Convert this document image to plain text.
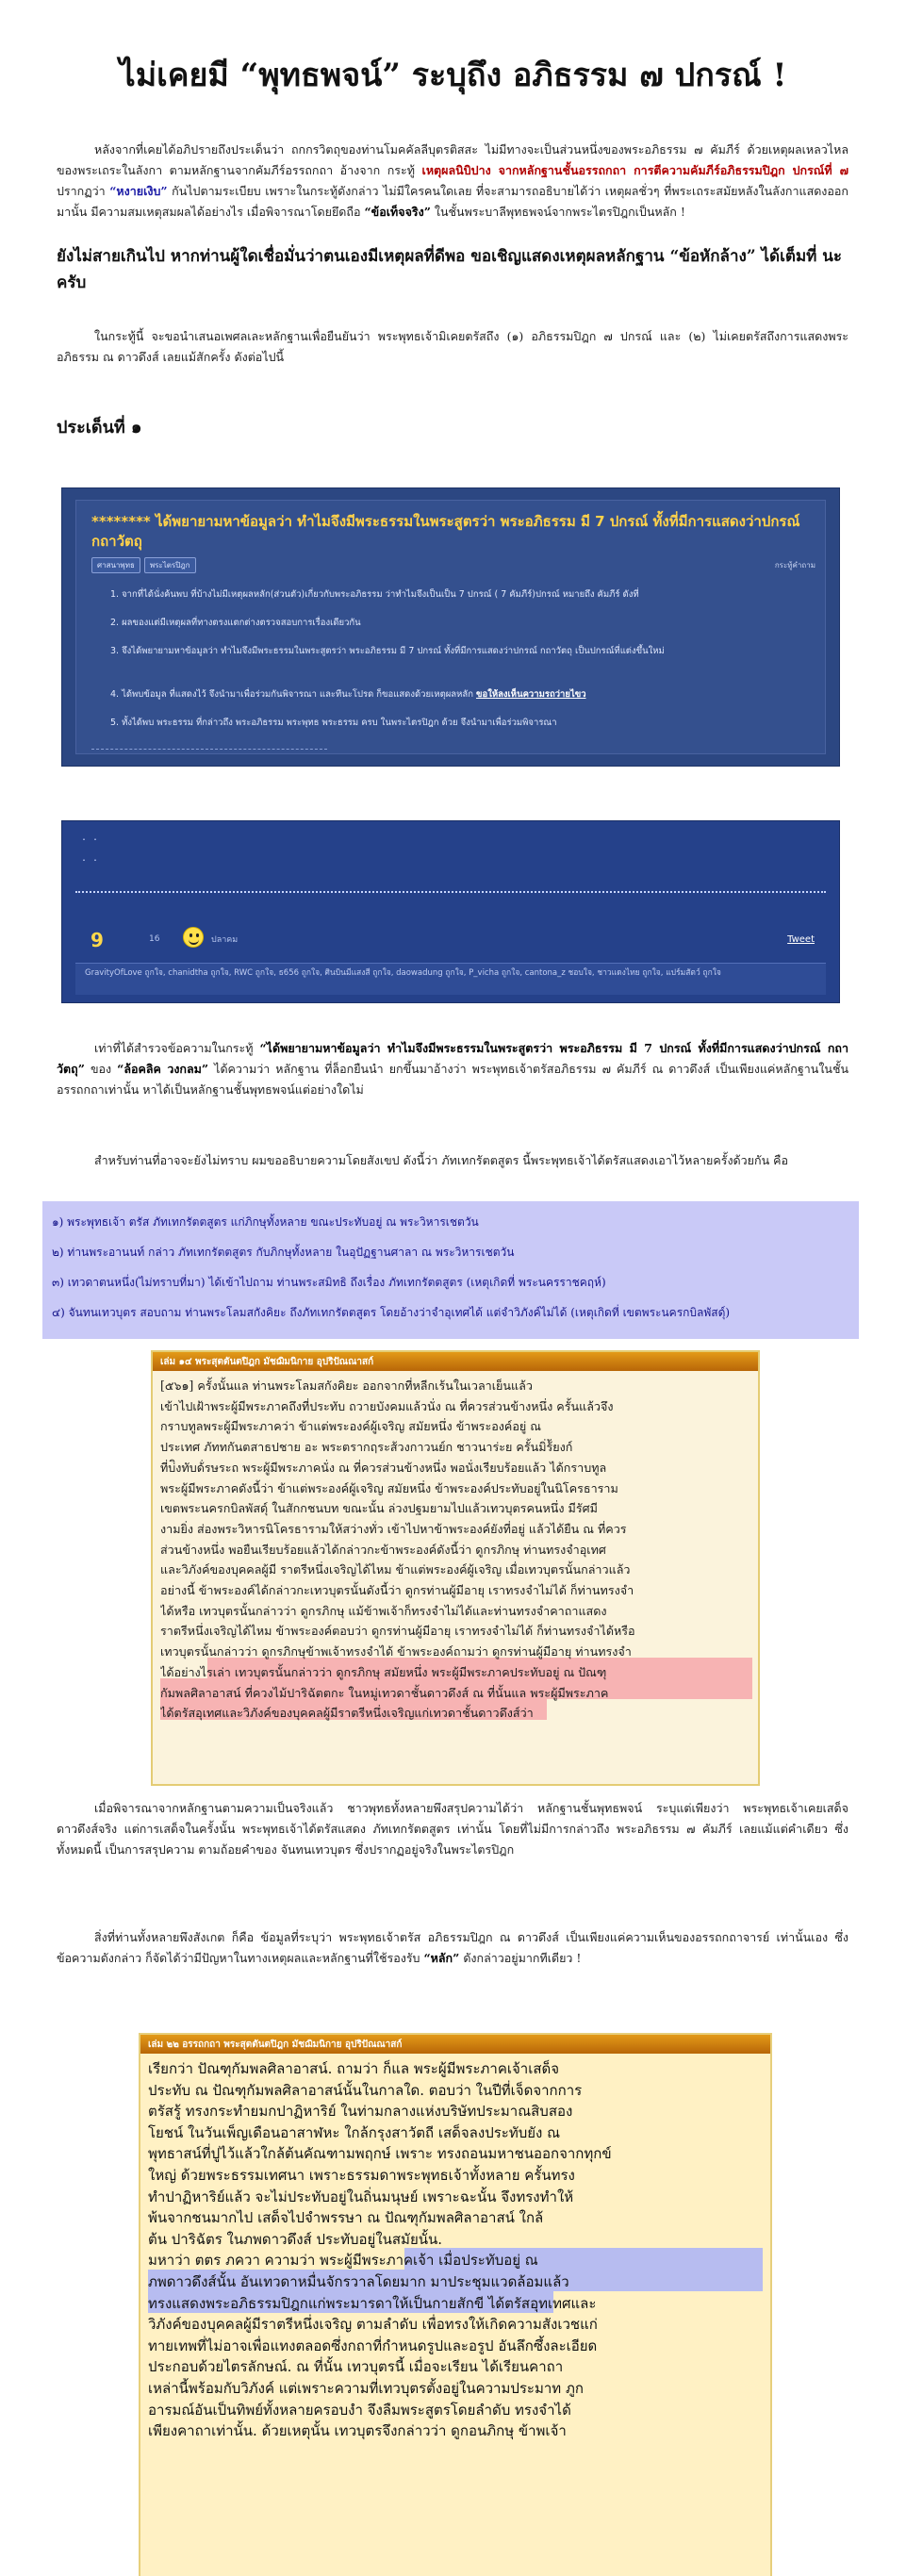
ไม่เคยมี “พุทธพจน์” ระบุถึง อภิธรรม ๗ ปกรณ์ !

หลังจากที่เคยได้อภิปรายถึงประเด็นว่า ถกกรวิตถุของท่านโมคคัลลีบุตรติสสะ ไม่มีทางจะเป็นส่วนหนึ่งของพระอภิธรรม ๗ คัมภีร์ ด้วยเหตุผลเหลวไหลของพระเถระในลังกา ตามหลักฐานจากคัมภีร์อรรถกถา อ้างจาก กระทู้ เหตุผลนิบิปาง จากหลักฐานชั้นอรรถกถา การตีความคัมภีร์อภิธรรมปิฎก ปกรณ์ที่ ๗ ปรากฏว่า “หงายเงิบ” กันไปตามระเบียบ เพราะในกระทู้ดังกล่าว ไม่มีใครคนใดเลย ที่จะสามารถอธิบายได้ว่า เหตุผลชั่วๆ ที่พระเถระสมัยหลังในลังกาแสดงออกมานั้น มีความสมเหตุสมผลได้อย่างไร เมื่อพิจารณาโดยยึดถือ “ข้อเท็จจริง” ในชั้นพระบาลีพุทธพจน์จากพระไตรปิฎกเป็นหลัก !

ยังไม่สายเกินไป หากท่านผู้ใดเชื่อมั่นว่าตนเองมีเหตุผลที่ดีพอ ขอเชิญแสดงเหตุผลหลักฐาน “ข้อหักล้าง” ได้เต็มที่ นะครับ

ในกระทู้นี้ จะขอนำเสนอเพศลเละหลักฐานเพื่อยืนยันว่า พระพุทธเจ้ามิเคยตรัสถึง (๑) อภิธรรมปิฎก ๗ ปกรณ์ และ (๒) ไม่เคยตรัสถึงการแสดงพระอภิธรรม ณ ดาวดึงส์ เลยแม้สักครั้ง ดังต่อไปนี้

ประเด็นที่ ๑
******** ได้พยายามหาข้อมูลว่า ทำไมจึงมีพระธรรมในพระสูตรว่า พระอภิธรรม มี 7 ปกรณ์ ทั้งที่มีการแสดงว่าปกรณ์ กถาวัตถุ
ศาสนาพุทธ	พระไตรปิฎก	กระทู้คำถาม
1. จากที่ได้นั่งค้นพบ ที่บ้างไม่มีเหตุผลหลัก(ส่วนตัว)เกี่ยวกับพระอภิธรรม ว่าทำไมจึงเป็นเป็น 7 ปกรณ์ ( 7 คัมภีร์)ปกรณ์ หมายถึง คัมภีร์ ดังที่
2. ผลของแต่มีเหตุผลที่ทางตรงแตกต่างตรวจสอบการเรื่องเดียวกัน
3. จึงได้พยายามหาข้อมูลว่า ทำไมจึงมีพระธรรมในพระสูตรว่า พระอภิธรรม มี 7 ปกรณ์ ทั้งที่มีการแสดงว่าปกรณ์ กถาวัตถุ เป็นปกรณ์ที่แต่งขึ้นใหม่
4. ได้พบข้อมูล ที่แสดงไว้ จึงนำมาเพื่อร่วมกันพิจารณา และทีนะโปรด ก็ขอแสดงด้วยเหตุผลหลัก ขอให้ลงเห็นความรถว่ายไขว
5. ทั้งได้พบ พระธรรม ที่กล่าวถึง พระอภิธรรม พระพุทธ พระธรรม ครบ ในพระไตรปิฎก ด้วย จึงนำมาเพื่อร่วมพิจารณา
. .
. .
9	16	ปลาคม	Tweet
GravityOfLove ถูกใจ, chanidtha ถูกใจ, RWC ถูกใจ, ธ656 ถูกใจ, ศินบินมีแสงสี ถูกใจ, daowadung ถูกใจ, P_vicha ถูกใจ, cantona_z ชอบใจ, ชาวแดงไทย ถูกใจ, แปร์มสัตว์ ถูกใจ

เท่าที่ได้สำรวจข้อความในกระทู้ “ได้พยายามหาข้อมูลว่า ทำไมจึงมีพระธรรมในพระสูตรว่า พระอภิธรรม มี 7 ปกรณ์ ทั้งที่มีการแสดงว่าปกรณ์ กถาวัตถุ” ของ “ล้อคลิค วงกลม” ได้ความว่า หลักฐาน ที่ล็อกยืนนำ ยกขึ้นมาอ้างว่า พระพุทธเจ้าตรัสอภิธรรม ๗ คัมภีร์ ณ ดาวดึงส์ เป็นเพียงแค่หลักฐานในชั้นอรรถกถาเท่านั้น หาได้เป็นหลักฐานชั้นพุทธพจน์แต่อย่างใดไม่

สำหรับท่านที่อาจจะยังไม่ทราบ ผมขออธิบายความโดยสังเขป ดังนี้ว่า ภัทเทกรัตตสูตร นี้พระพุทธเจ้าได้ตรัสแสดงเอาไว้หลายครั้งด้วยกัน คือ

๑) พระพุทธเจ้า ตรัส ภัทเทกรัตตสูตร แก่ภิกษุทั้งหลาย ขณะประทับอยู่ ณ พระวิหารเชตวัน
๒) ท่านพระอานนท์ กล่าว ภัทเทกรัตตสูตร กับภิกษุทั้งหลาย ในอุปัฏฐานศาลา ณ พระวิหารเชตวัน
๓) เทวดาตนหนึ่ง(ไม่ทราบที่มา) ได้เข้าไปถาม ท่านพระสมิทธิ ถึงเรื่อง ภัทเทกรัตตสูตร (เหตุเกิดที่ พระนครราชคฤห์)
๔) จันทนเทวบุตร สอบถาม ท่านพระโลมสกังคิยะ ถึงภัทเทกรัตตสูตร โดยอ้างว่าจำอุเทศได้ แต่จำวิภังค์ไม่ได้ (เหตุเกิดที่ เขตพระนครกบิลพัสดุ์)
เล่ม ๑๔ พระสุตตันตปิฎก มัชฌิมนิกาย อุปริปัณณาสก์
[๕๖๑] ครั้งนั้นแล ท่านพระโลมสกังคิยะ ออกจากที่หลีกเร้นในเวลาเย็นแล้ว
เข้าไปเฝ้าพระผู้มีพระภาคถึงที่ประทับ ถวายบังคมแล้วนั่ง ณ ที่ควรส่วนข้างหนึ่ง ครั้นแล้วจึง
กราบทูลพระผู้มีพระภาคว่า ข้าแต่พระองค์ผู้เจริญ สมัยหนึ่ง ข้าพระองค์อยู่ ณ
ประเทศ ภัททกันตสาธปชาย อะ พระตรากฤระส้วงกาวนย์ก ชาวนาร่ะย ครั้นมิ่ร้ัยงก์
ที่บ่ิงทับด้่รษระถ พระผู้มีพระภาคนั่ง ณ ที่ควรส่วนข้างหนึ่ง พอนั่งเรียบร้อยแล้ว ได้กราบทูล
พระผู้มีพระภาคดังนี้ว่า ข้าแต่พระองค์ผู้เจริญ สมัยหนึ่ง ข้าพระองค์ประทับอยู่ในนิโครธาราม
เขตพระนครกบิลพัสดุ์ ในสักกชนบท ขณะนั้น ล่วงปฐมยามไปแล้วเทวบุตรคนหนึ่ง มีรัศมี
งามยิ่ง ส่องพระวิหารนิโครธารามให้สว่างทั่ว เข้าไปหาข้าพระองค์ยังที่อยู่ แล้วได้ยืน ณ ที่ควร
ส่วนข้างหนึ่ง พอยืนเรียบร้อยแล้วได้กล่าวกะข้าพระองค์ดังนี้ว่า ดูกรภิกษุ ท่านทรงจำอุเทศ
และวิภังค์ของบุคคลผู้มี ราตรีหนึ่งเจริญได้ไหม ข้าแต่พระองค์ผู้เจริญ เมื่อเทวบุตรนั้นกล่าวแล้ว
อย่างนี้ ข้าพระองค์ได้กล่าวกะเทวบุตรนั้นดังนี้ว่า ดูกรท่านผู้มีอายุ เราทรงจำไม่ได้ ก็ท่านทรงจำ
ได้หรือ เทวบุตรนั้นกล่าวว่า ดูกรภิกษุ แม้ข้าพเจ้าก็ทรงจำไม่ได้และท่านทรงจำคาถาแสดง
ราตรีหนึ่งเจริญได้ไหม ข้าพระองค์ตอบว่า ดูกรท่านผู้มีอายุ เราทรงจำไม่ได้ ก็ท่านทรงจำได้หรือ
เทวบุตรนั้นกล่าวว่า ดูกรภิกษุข้าพเจ้าทรงจำได้ ข้าพระองค์ถามว่า ดูกรท่านผู้มีอายุ ท่านทรงจำ
ได้อย่างไรเล่า เทวบุตรนั้นกล่าวว่า ดูกรภิกษุ สมัยหนึ่ง พระผู้มีพระภาคประทับอยู่ ณ ปัณฑุ
กัมพลศิลาอาสน์ ที่ควงไม้ปาริฉัตตกะ ในหมู่เทวดาชั้นดาวดึงส์ ณ ที่นั้นแล พระผู้มีพระภาค
ได้ตรัสอุเทศและวิภังค์ของบุคคลผู้มีราตรีหนึ่งเจริญแก่เทวดาชั้นดาวดึงส์ว่า

เมื่อพิจารณาจากหลักฐานตามความเป็นจริงแล้ว ชาวพุทธทั้งหลายพึงสรุปความได้ว่า หลักฐานชั้นพุทธพจน์ ระบุแต่เพียงว่า พระพุทธเจ้าเคยเสด็จดาวดึงส์จริง แต่การเสด็จในครั้งนั้น พระพุทธเจ้าได้ตรัสแสดง ภัทเทกรัตตสูตร เท่านั้น โดยที่ไม่มีการกล่าวถึง พระอภิธรรม ๗ คัมภีร์ เลยแม้แต่คำเดียว ซึ่งทั้งหมดนี้ เป็นการสรุปความ ตามถ้อยคำของ จันทนเทวบุตร ซึ่งปรากฏอยู่จริงในพระไตรปิฎก

สิ่งที่ท่านทั้งหลายพึงสังเกต ก็คือ ข้อมูลที่ระบุว่า พระพุทธเจ้าตรัส อภิธรรมปิฎก ณ ดาวดึงส์ เป็นเพียงแค่ความเห็นของอรรถกถาจารย์ เท่านั้นเอง ซึ่งข้อความดังกล่าว ก็จัดได้ว่ามีปัญหาในทางเหตุผลและหลักฐานที่ใช้รองรับ “หลัก” ดังกล่าวอยู่มากทีเดียว !

เล่ม ๒๒ อรรถกถา พระสุตตันตปิฎก มัชฌิมนิกาย อุปริปัณณาสก์
เรียกว่า ปัณฑุกัมพลศิลาอาสน์. ถามว่า ก็แล พระผู้มีพระภาคเจ้าเสด็จ
ประทับ ณ ปัณฑุกัมพลศิลาอาสน์นั้นในกาลใด. ตอบว่า ในปีที่เจ็ดจากการ
ตรัสรู้ ทรงกระทำยมกปาฏิหาริย์ ในท่ามกลางแห่งบริษัทประมาณสิบสอง
โยชน์ ในวันเพ็ญเดือนอาสาฬหะ ใกล้กรุงสาวัตถี เสด็จลงประทับยัง ณ
พุทธาสน์ที่ปูไว้แล้วใกล้ต้นคัณฑามพฤกษ์ เพราะ ทรงถอนมหาชนออกจากทุกข์
ใหญ่ ด้วยพระธรรมเทศนา เพราะธรรมดาพระพุทธเจ้าทั้งหลาย ครั้นทรง
ทำปาฏิหาริย์แล้ว จะไม่ประทับอยู่ในถิ่นมนุษย์ เพราะฉะนั้น จึงทรงทำให้
พ้นจากชนมากไป เสด็จไปจำพรรษา ณ ปัณฑุกัมพลศิลาอาสน์ ใกล้
ต้น ปาริฉัตร ในภพดาวดึงส์ ประทับอยู่ในสมัยนั้น.
มหาว่า ตตร ภควา ความว่า พระผู้มีพระภาคเจ้า เมื่อประทับอยู่ ณ
ภพดาวดึงส์นั้น อันเทวดาหมื่นจักรวาลโดยมาก มาประชุมแวดล้อมแล้ว
ทรงแสดงพระอภิธรรมปิฎกแก่พระมารดาให้เป็นกายสักขี ได้ตรัสอุทเทศและ
วิภังค์ของบุคคลผู้มีราตรีหนึ่งเจริญ ตามลำดับ เพื่อทรงให้เกิดความสังเวชแก่
ทายเทพที่ไม่อาจเพื่อแทงตลอดซึ่งกถาที่กำหนดรูปและอรูป อันลึกซึ้งละเอียด
ประกอบด้วยไตรลักษณ์. ณ ที่นั้น เทวบุตรนี้ เมื่อจะเรียน ได้เรียนคาถา
เหล่านี้พร้อมกับวิภังค์ แต่เพราะความที่เทวบุตรตั้งอยู่ในความประมาท ภูก
อารมณ์อันเป็นทิพย์ทั้งหลายครอบงำ จึงลืมพระสูตรโดยลำดับ ทรงจำได้
เพียงคาถาเท่านั้น. ด้วยเหตุนั้น เทวบุตรจึงกล่าวว่า ดูกอนภิกษุ ข้าพเจ้า
